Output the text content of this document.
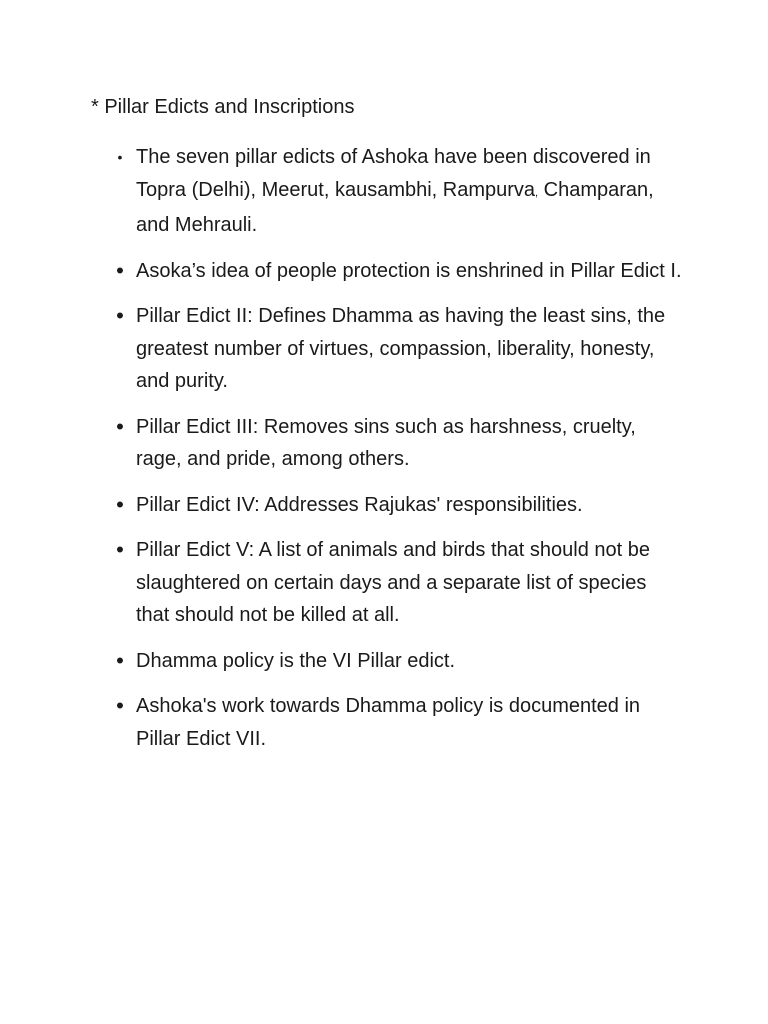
* Pillar Edicts and Inscriptions
• The seven pillar edicts of Ashoka have been discovered in Topra (Delhi), Meerut, kausambhi, Rampurva, Champaran, and Mehrauli.
• Asoka’s idea of people protection is enshrined in Pillar Edict I.
• Pillar Edict II: Defines Dhamma as having the least sins, the greatest number of virtues, compassion, liberality, honesty, and purity.
• Pillar Edict III: Removes sins such as harshness, cruelty, rage, and pride, among others.
• Pillar Edict IV: Addresses Rajukas' responsibilities.
• Pillar Edict V: A list of animals and birds that should not be slaughtered on certain days and a separate list of species that should not be killed at all.
• Dhamma policy is the VI Pillar edict.
• Ashoka's work towards Dhamma policy is documented in Pillar Edict VII.
